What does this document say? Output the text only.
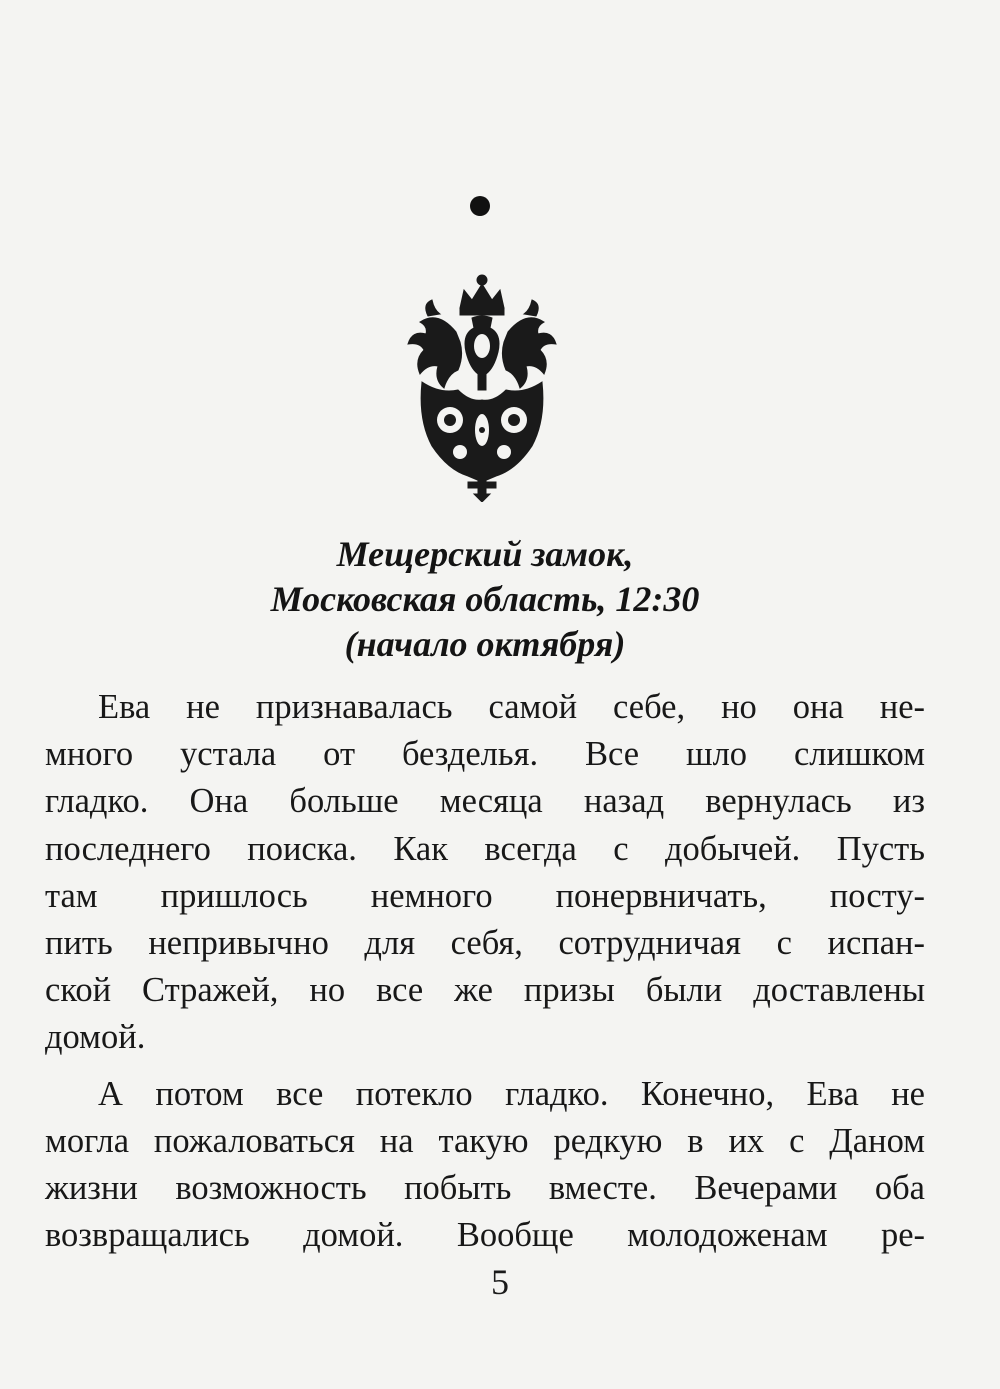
Мещерский замок,
Московская область, 12:30
(начало октября)
Ева не признавалась самой себе, но она не-
много устала от безделья. Все шло слишком
гладко. Она больше месяца назад вернулась из
последнего поиска. Как всегда с добычей. Пусть
там пришлось немного понервничать, посту-
пить непривычно для себя, сотрудничая с испан-
ской Стражей, но все же призы были доставлены
домой.
А потом все потекло гладко. Конечно, Ева не
могла пожаловаться на такую редкую в их с Даном
жизни возможность побыть вместе. Вечерами оба
возвращались домой. Вообще молодоженам ре-
5
